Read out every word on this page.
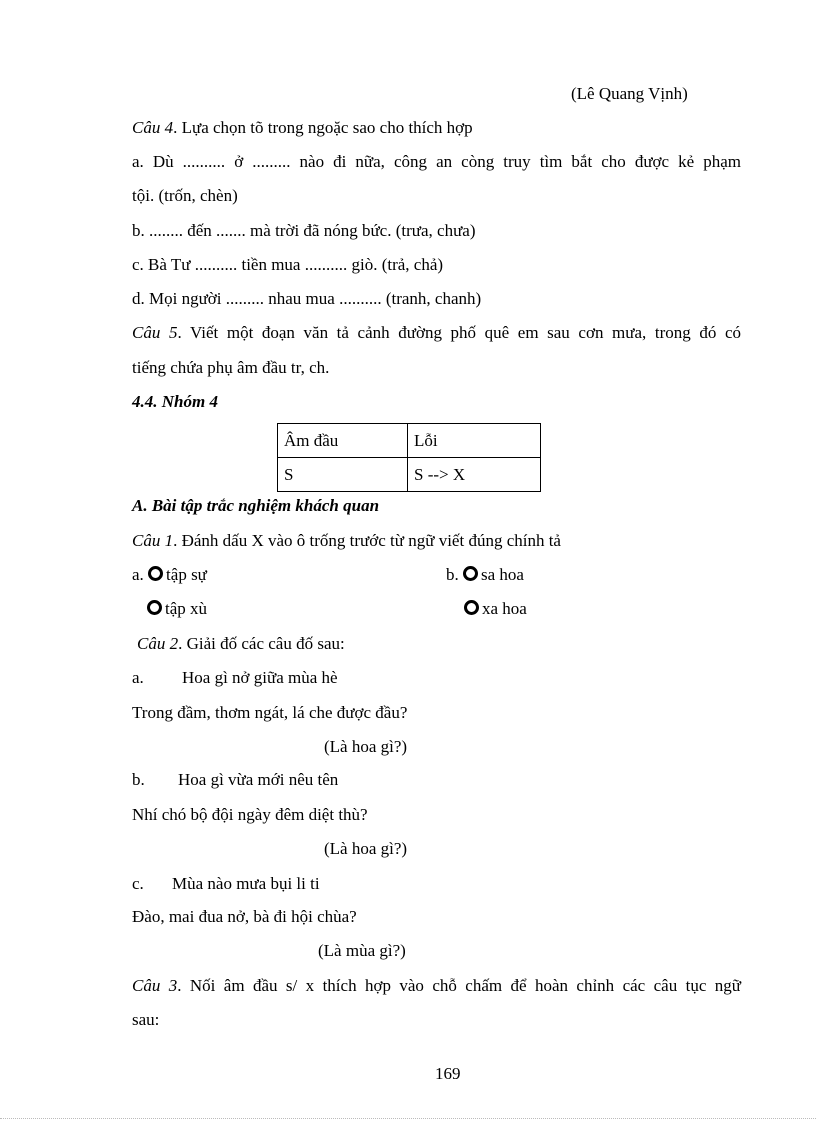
(Lê Quang Vịnh)
Câu 4. Lựa chọn tõ trong ngoặc sao cho thích hợp
a. Dù .......... ở ......... nào đi nữa, công an còng truy tìm bắt cho được kẻ phạm
tội. (trốn, chèn)
b. ........ đến ....... mà trời đã nóng bức. (trưa, chưa)
c. Bà Tư .......... tiền mua .......... giò. (trả, chả)
d. Mọi người ......... nhau mua .......... (tranh, chanh)
Câu 5. Viết một đoạn văn tả cảnh đường phố quê em sau cơn mưa, trong đó có
tiếng chứa phụ âm đầu tr, ch.
4.4. Nhóm 4
Âm đầu	Lỗi
S	S --> X
A. Bài tập trắc nghiệm khách quan
Câu 1. Đánh dấu X vào ô trống trước từ ngữ viết đúng chính tả
a. tập sự	b. sa hoa
tập xù	xa hoa
Câu 2. Giải đố các câu đố sau:
a. Hoa gì nở giữa mùa hè
Trong đầm, thơm ngát, lá che được đầu?
(Là hoa gì?)
b. Hoa gì vừa mới nêu tên
Nhí chó bộ đội ngày đêm diệt thù?
(Là hoa gì?)
c. Mùa nào mưa bụi li ti
Đào, mai đua nở, bà đi hội chùa?
(Là mùa gì?)
Câu 3. Nối âm đầu s/ x thích hợp vào chỗ chấm để hoàn chỉnh các câu tục ngữ
sau:
169
